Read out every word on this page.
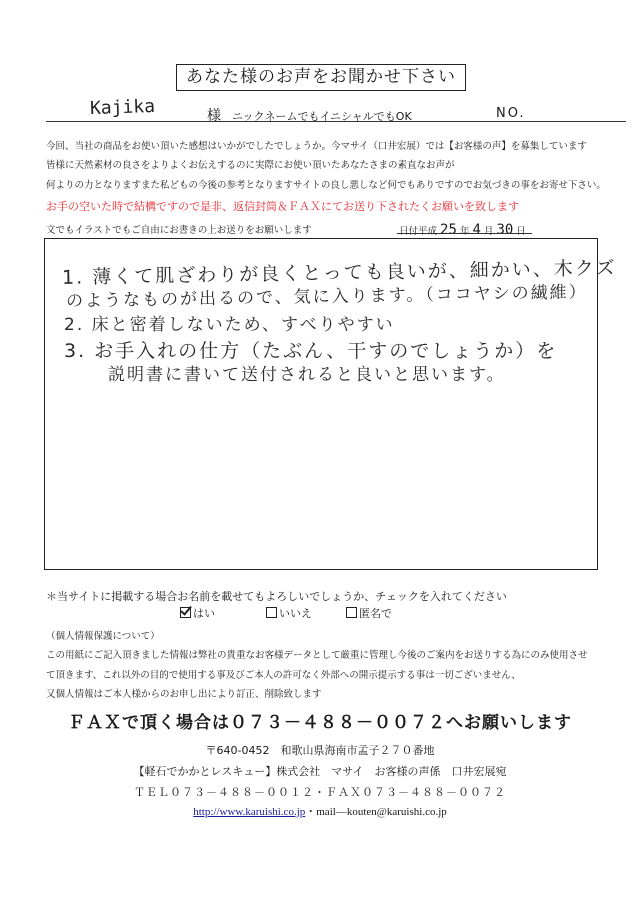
あなた様のお声をお聞かせ下さい
Kajika	様 ニックネームでもイニシャルでもOK	NO.
今回、当社の商品をお使い頂いた感想はいかがでしたでしょうか。今マサイ（口井宏展）では【お客様の声】を募集しています
皆様に天然素材の良さをよりよくお伝えするのに実際にお使い頂いたあなたさまの素直なお声が
何よりの力となりますまた私どもの今後の参考となりますサイトの良し悪しなど何でもありですのでお気づきの事をお寄せ下さい。
お手の空いた時で結構ですので是非、返信封筒＆ＦＡＸにてお送り下されたくお願いを致します
文でもイラストでもご自由にお書きの上お送りをお願いします	日付平成 25 年 4 月 30 日
1. 薄くて肌ざわりが良くとっても良いが、細かい、木クズ
のようなものが出るので、気に入ります。（ココヤシの繊維）
2. 床と密着しないため、すべりやすい
3. お手入れの仕方（たぶん、干すのでしょうか）を
説明書に書いて送付されると良いと思います。
＊当サイトに掲載する場合お名前を載せてもよろしいでしょうか、チェックを入れてください
はい	いいえ	匿名で
（個人情報保護について）
この用紙にご記入頂きました情報は弊社の貴重なお客様データとして厳重に管理し今後のご案内をお送りする為にのみ使用させ
て頂きます、これ以外の目的で使用する事及びご本人の許可なく外部への開示提示する事は一切ございません、
又個人情報はご本人様からのお申し出により訂正、削除致します
ＦＡＸで頂く場合は０７３－４８８－００７２へお願いします
〒640-0452　和歌山県海南市孟子２７０番地
【軽石でかかとレスキュー】株式会社　マサイ　お客様の声係　口井宏展宛
ＴＥＬ０７３－４８８－００１２・ＦＡＸ０７３－４８８－００７２
http://www.karuishi.co.jp・mail―kouten@karuishi.co.jp
